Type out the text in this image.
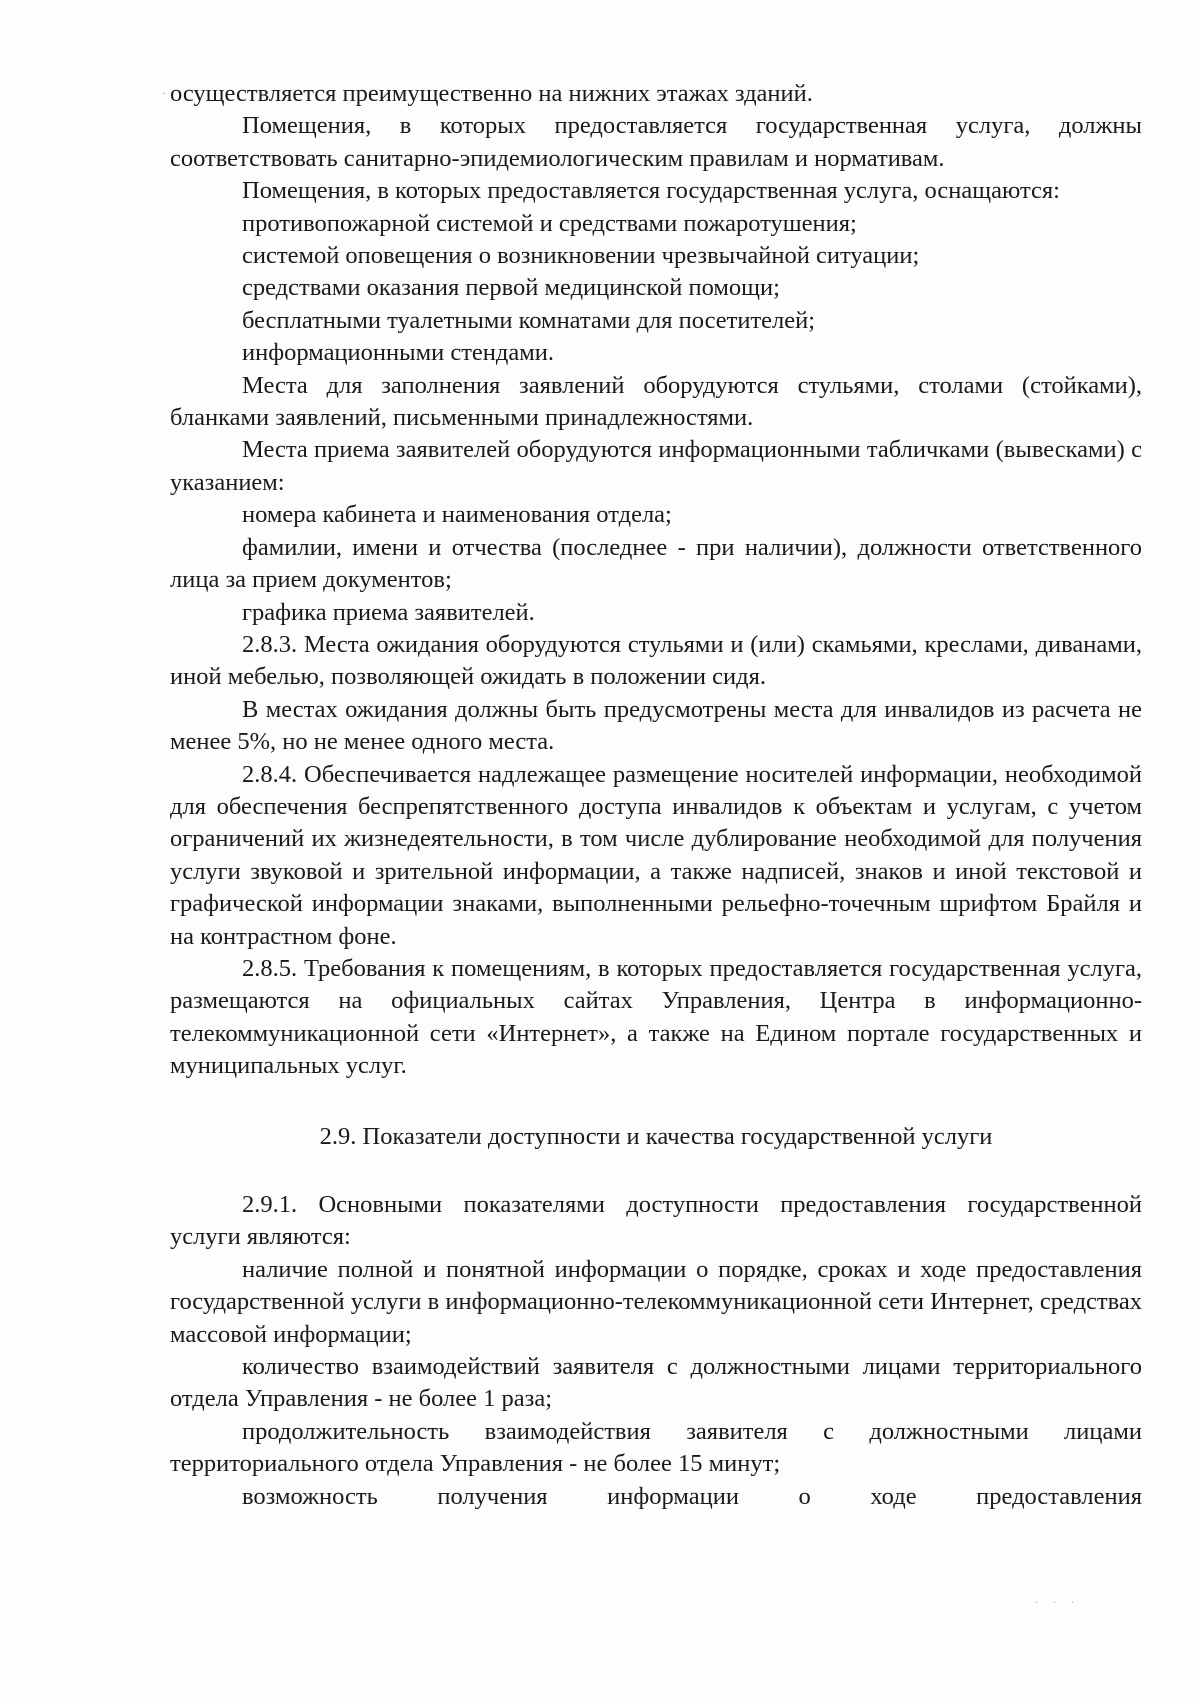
· осуществляется преимущественно на нижних этажах зданий.

Помещения, в которых предоставляется государственная услуга, должны соответствовать санитарно-эпидемиологическим правилам и нормативам.

Помещения, в которых предоставляется государственная услуга, оснащаются:

противопожарной системой и средствами пожаротушения;

системой оповещения о возникновении чрезвычайной ситуации;

средствами оказания первой медицинской помощи;

бесплатными туалетными комнатами для посетителей;

информационными стендами.

Места для заполнения заявлений оборудуются стульями, столами (стойками), бланками заявлений, письменными принадлежностями.

Места приема заявителей оборудуются информационными табличками (вывесками) с указанием:

номера кабинета и наименования отдела;

фамилии, имени и отчества (последнее - при наличии), должности ответственного лица за прием документов;

графика приема заявителей.

2.8.3. Места ожидания оборудуются стульями и (или) скамьями, креслами, диванами, иной мебелью, позволяющей ожидать в положении сидя.

В местах ожидания должны быть предусмотрены места для инвалидов из расчета не менее 5%, но не менее одного места.

2.8.4. Обеспечивается надлежащее размещение носителей информации, необходимой для обеспечения беспрепятственного доступа инвалидов к объектам и услугам, с учетом ограничений их жизнедеятельности, в том числе дублирование необходимой для получения услуги звуковой и зрительной информации, а также надписей, знаков и иной текстовой и графической информации знаками, выполненными рельефно-точечным шрифтом Брайля и на контрастном фоне.

2.8.5. Требования к помещениям, в которых предоставляется государственная услуга, размещаются на официальных сайтах Управления, Центра в информационно-телекоммуникационной сети «Интернет», а также на Едином портале государственных и муниципальных услуг.

2.9. Показатели доступности и качества государственной услуги

2.9.1. Основными показателями доступности предоставления государственной услуги являются:

наличие полной и понятной информации о порядке, сроках и ходе предоставления государственной услуги в информационно-телекоммуникационной сети Интернет, средствах массовой информации;

количество взаимодействий заявителя с должностными лицами территориального отдела Управления - не более 1 раза;

продолжительность взаимодействия заявителя с должностными лицами территориального отдела Управления - не более 15 минут;

возможность получения информации о ходе предоставления

· · ·
